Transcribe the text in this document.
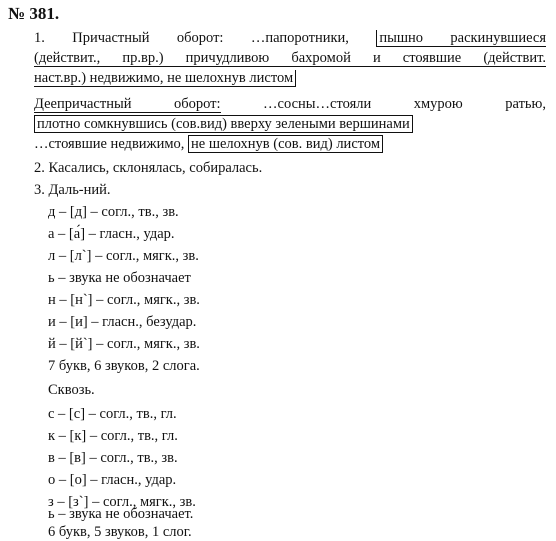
№ 381.
1. Причастный оборот: …папоротники, пышно раскинувшиеся
(действит., пр.вр.) причудливою бахромой и стоявшие (действит.
наст.вр.) недвижимо, не шелохнув листом
Деепричастный оборот:	…сосны…стояли хмурою ратью,
плотно сомкнувшись (сов.вид) вверху зелеными вершинами
…стоявшие недвижимо, не шелохнув (сов. вид) листом
2. Касались, склонялась, собиралась.
3. Даль-ний.
д – [д] – согл., тв., зв.
а – [а́] – гласн., удар.
л – [л`] – согл., мягк., зв.
ь – звука не обозначает
н – [н`] – согл., мягк., зв.
и – [и] – гласн., безудар.
й – [й`] – согл., мягк., зв.
7 букв, 6 звуков, 2 слога.
Сквозь.
с – [с] – согл., тв., гл.
к – [к] – согл., тв., гл.
в – [в] – согл., тв., зв.
о – [о] – гласн., удар.
з – [з`] – согл., мягк., зв.
ь – звука не обозначает.
6 букв, 5 звуков, 1 слог.
